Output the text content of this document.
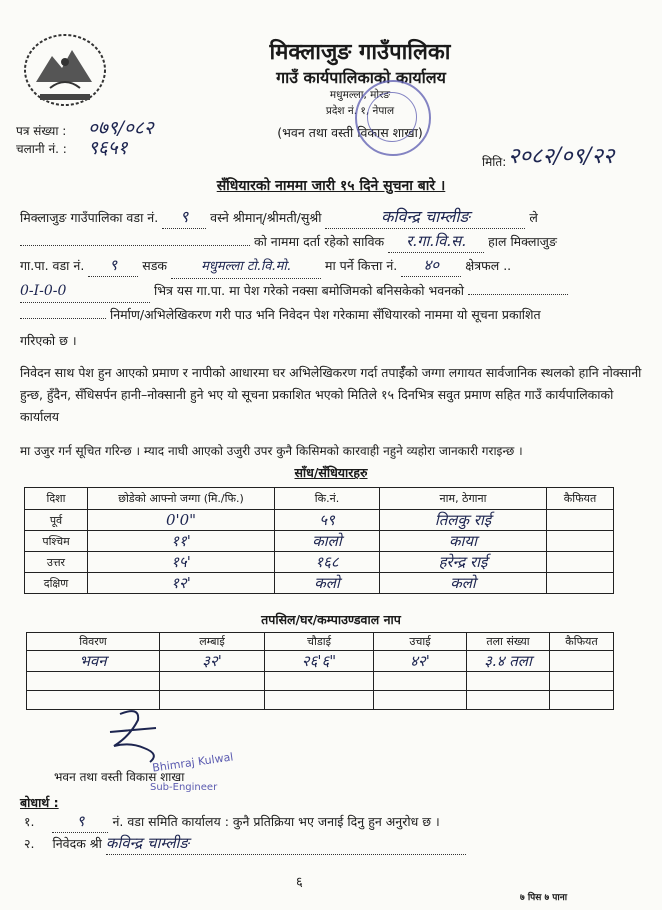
मिक्लाजुङ गाउँपालिका
गाउँ कार्यपालिकाको कार्यालय
मधुमल्ला, मोरङ
प्रदेश नं. १, नेपाल
(भवन तथा वस्ती विकास शाखा)
पत्र संख्या : ०७९/०८२
चलानी नं. : ९६५१
मिति: २०८२/०९/२२
सँधियारको नाममा जारी १५ दिने सुचना बारे ।
मिक्लाजुङ गाउँपालिका वडा नं. ९ वस्ने श्रीमान्/श्रीमती/सुश्री	कविन्द्र चाम्लीङ	ले
को नाममा दर्ता रहेको साविक र.गा.वि.स. हाल मिक्लाजुङ
गा.पा. वडा नं. ९ सडक	मधुमल्ला टो.वि.मो.	मा पर्ने कित्ता नं. ४० क्षेत्रफल ..
0-I-0-0	भित्र यस गा.पा. मा पेश गरेको नक्सा बमोजिमको बनिसकेको भवनको
निर्माण/अभिलेखिकरण गरी पाउ भनि निवेदन पेश गरेकामा सँधियारको नाममा यो सूचना प्रकाशित
गरिएको छ ।
निवेदन साथ पेश हुन आएको प्रमाण र नापीको आधारमा घर अभिलेखिकरण गर्दा तपाईँको जग्गा लगायत सार्वजानिक स्थलको हानि नोक्सानी हुन्छ, हुँदैन, सँधिसर्पन हानी–नोक्सानी हुने भए यो सूचना प्रकाशित भएको मितिले १५ दिनभित्र सवुत प्रमाण सहित गाउँ कार्यपालिकाको कार्यालय
मा उजुर गर्न सूचित गरिन्छ । म्याद नाघी आएको उजुरी उपर कुनै किसिमको कारवाही नहुने व्यहोरा जानकारी गराइन्छ ।
साँध/सँधियारहरु
दिशा	छोडेको आफ्नो जग्गा (मि./फि.)	कि.नं.	नाम, ठेगाना	कैफियत
पूर्व	0'0"	५९	तिलकु राई	
पश्चिम	११'	कालो	काया	
उत्तर	१५'	१६८	हरेन्द्र राई	
दक्षिण	१२'	कलो	कलो	
तपसिल/घर/कम्पाउण्डवाल नाप
विवरण	लम्बाई	चौडाई	उचाई	तला संख्या	कैफियत
भवन	३२'	२६'६"	४२'	३.४ तला	

भवन तथा वस्ती विकास शाखा
Bhimraj Kulwal
Sub-Engineer
बोधार्थ :
१.	९ नं. वडा समिति कार्यालय : कुनै प्रतिक्रिया भए जनाई दिनु हुन अनुरोध छ ।
२. निवेदक श्री कविन्द्र चाम्लीङ
६
७ पिस ७ पाना
